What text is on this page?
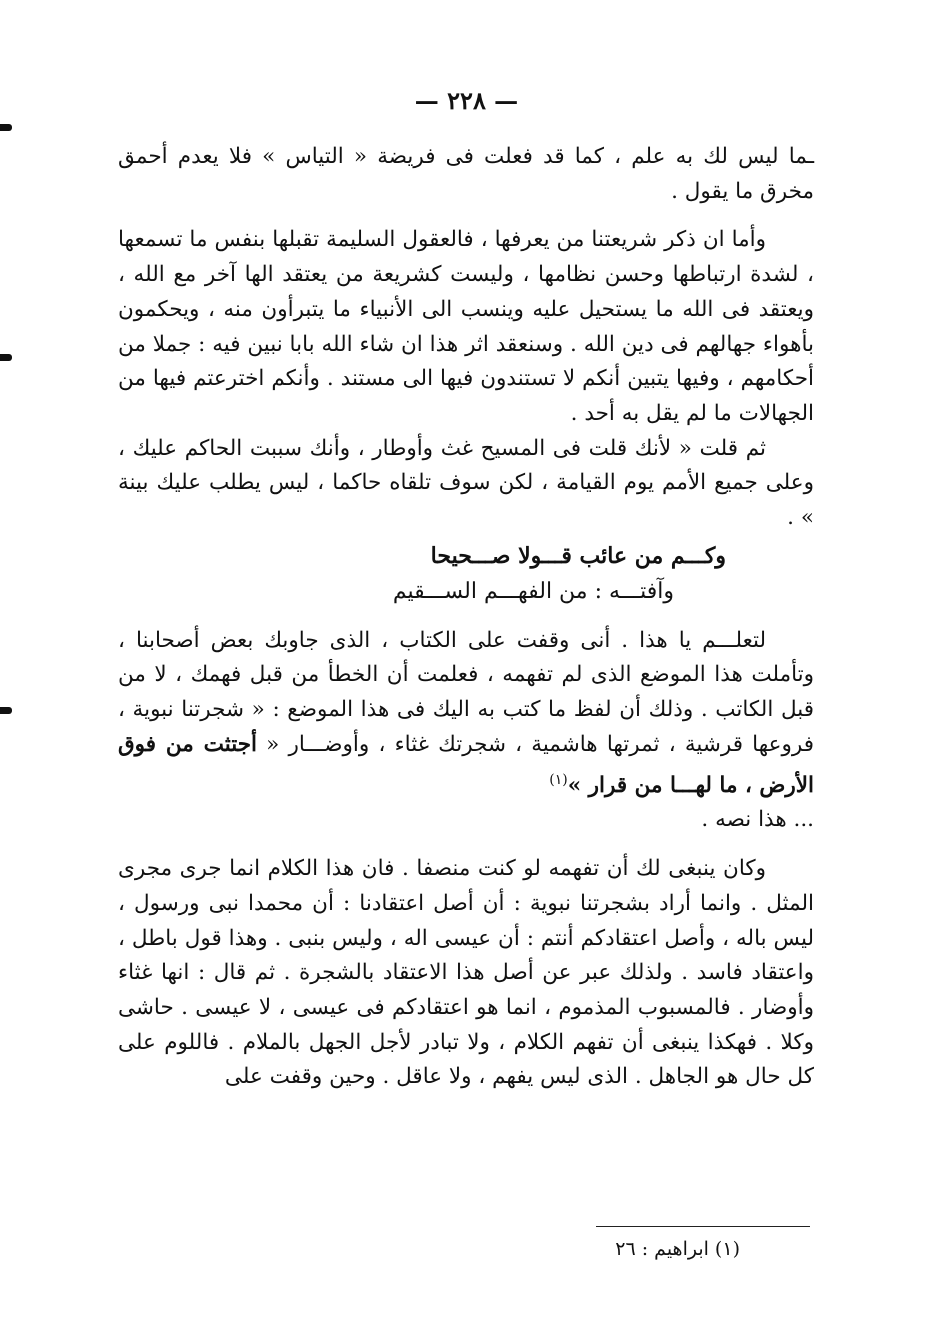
— ٢٢٨ —

ـما ليس لك به علم ، كما قد فعلت فى فريضة « التياس » فلا يعدم أحمق مخرق ما يقول .

وأما ان ذكر شريعتنا من يعرفها ، فالعقول السليمة تقبلها بنفس ما تسمعها ، لشدة ارتباطها وحسن نظامها ، وليست كشريعة من يعتقد الها آخر مع الله ، ويعتقد فى الله ما يستحيل عليه وينسب الى الأنبياء ما يتبرأون منه ، ويحكمون بأهواء جهالهم فى دين الله . وسنعقد اثر هذا ان شاء الله بابا نبين فيه : جملا من أحكامهم ، وفيها يتبين أنكم لا تستندون فيها الى مستند . وأنكم اخترعتم فيها من الجهالات ما لم يقل به أحد .

ثم قلت « لأنك قلت فى المسيح غث وأوطار ، وأنك سببت الحاكم عليك ، وعلى جميع الأمم يوم القيامة ، لكن سوف تلقاه حاكما ، ليس يطلب عليك بينة » .

وكـــم من عائب قـــولا صـــحيحا
وآفتـــه : من الفهـــم الســـقيم

لتعلـــم يا هذا . أنى وقفت على الكتاب ، الذى جاوبك بعض أصحابنا ، وتأملت هذا الموضع الذى لم تفهمه ، فعلمت أن الخطأ من قبل فهمك ، لا من قبل الكاتب . وذلك أن لفظ ما كتب به اليك فى هذا الموضع : « شجرتنا نبوية ، فروعها قرشية ، ثمرتها هاشمية ، شجرتك غثاء ، وأوضـــار « أجتثت من فوق الأرض ، ما لهـــا من قرار »$^{(١)}$
... هذا نصه .

وكان ينبغى لك أن تفهمه لو كنت منصفا . فان هذا الكلام انما جرى مجرى المثل . وانما أراد بشجرتنا نبوية : أن أصل اعتقادنا : أن محمدا نبى ورسول ، ليس باله ، وأصل اعتقادكم أنتم : أن عيسى اله ، وليس بنبى . وهذا قول باطل ، واعتقاد فاسد . ولذلك عبر عن أصل هذا الاعتقاد بالشجرة . ثم قال : انها غثاء وأوضار . فالمسبوب المذموم ، انما هو اعتقادكم فى عيسى ، لا عيسى . حاشى وكلا . فهكذا ينبغى أن تفهم الكلام ، ولا تبادر لأجل الجهل بالملام . فاللوم على كل حال هو الجاهل . الذى ليس يفهم ، ولا عاقل . وحين وقفت على

(١) ابراهيم : ٢٦
